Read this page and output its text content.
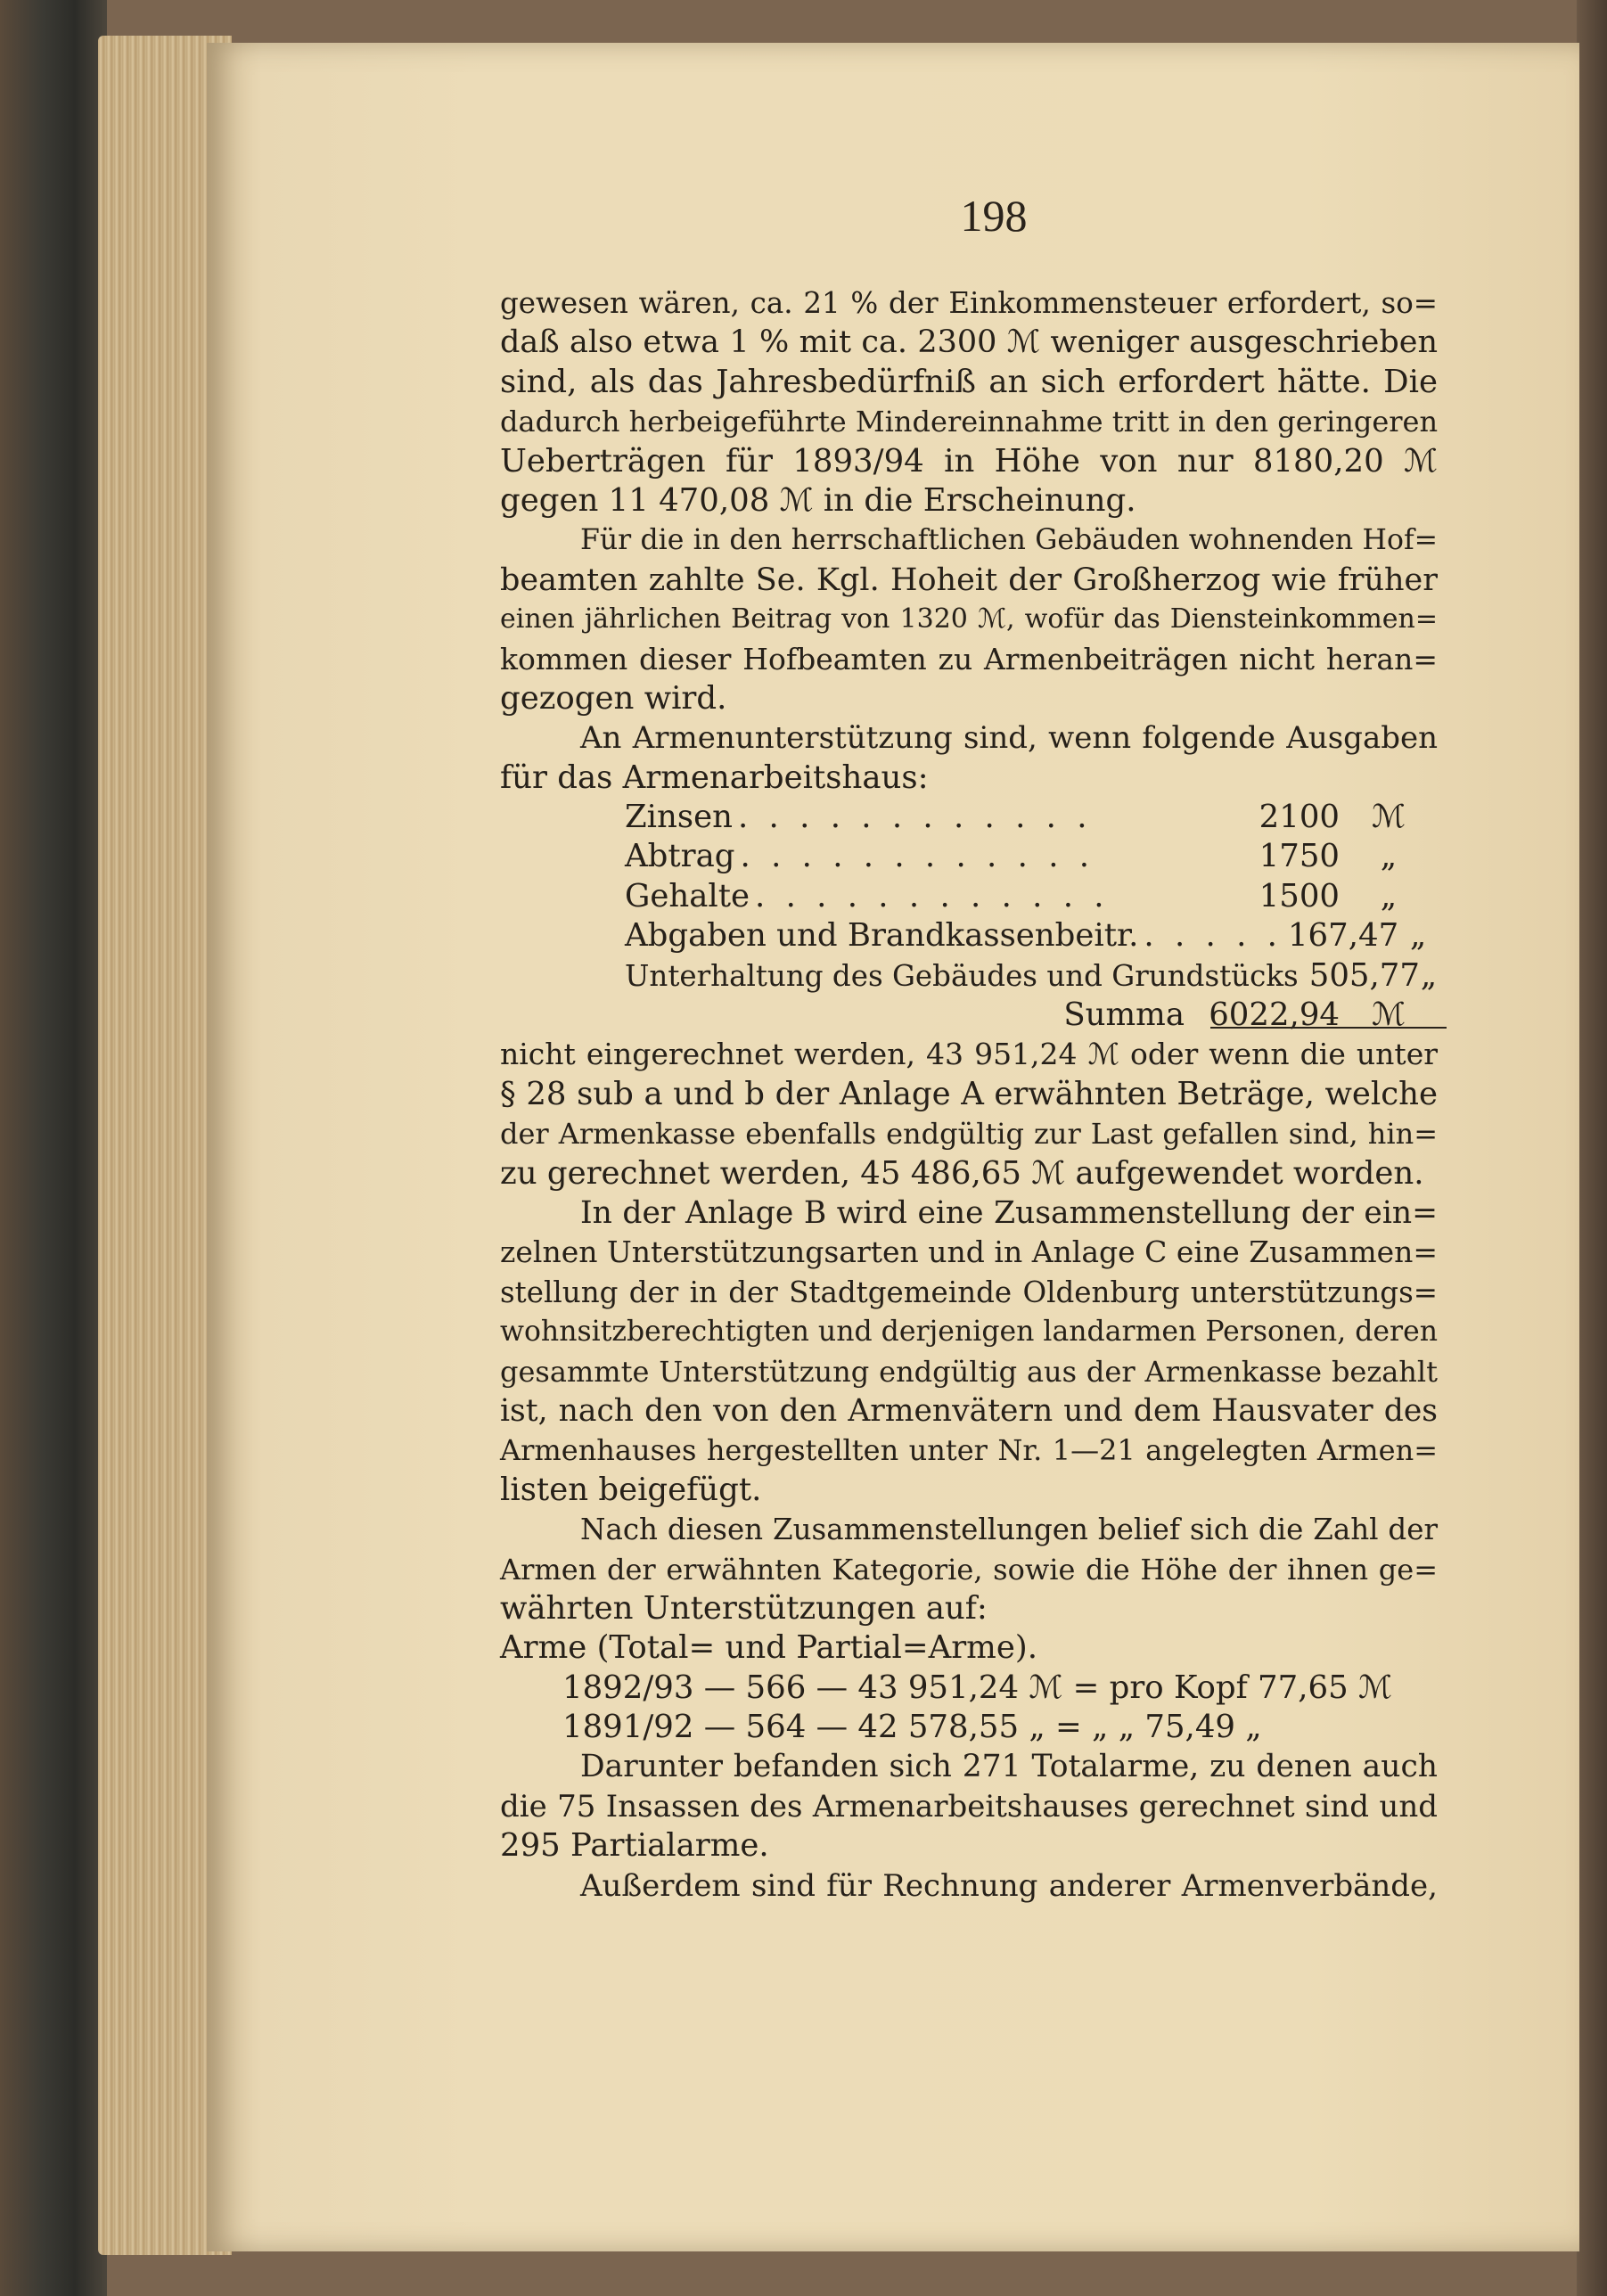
198
gewesen wären, ca. 21 % der Einkommensteuer erfordert, so=
daß also etwa 1 % mit ca. 2300 ℳ weniger ausgeschrieben
sind, als das Jahresbedürfniß an sich erfordert hätte. Die
dadurch herbeigeführte Mindereinnahme tritt in den geringeren
Ueberträgen für 1893/94 in Höhe von nur 8180,20 ℳ
gegen 11 470,08 ℳ in die Erscheinung.
Für die in den herrschaftlichen Gebäuden wohnenden Hof=
beamten zahlte Se. Kgl. Hoheit der Großherzog wie früher
einen jährlichen Beitrag von 1320 ℳ, wofür das Diensteinkommen=
kommen dieser Hofbeamten zu Armenbeiträgen nicht heran=
gezogen wird.
An Armenunterstützung sind, wenn folgende Ausgaben
für das Armenarbeitshaus:
Zinsen . . . . . . . . . . . .	2100	ℳ
Abtrag . . . . . . . . . . . .	1750	„
Gehalte . . . . . . . . . . . .	1500	„
Abgaben und Brandkassenbeitr. . . . . . 167,47 „
Unterhaltung des Gebäudes und Grundstücks 505,77 „
Summa 6022,94	ℳ
nicht eingerechnet werden, 43 951,24 ℳ oder wenn die unter
§ 28 sub a und b der Anlage A erwähnten Beträge, welche
der Armenkasse ebenfalls endgültig zur Last gefallen sind, hin=
zu gerechnet werden, 45 486,65 ℳ aufgewendet worden.
In der Anlage B wird eine Zusammenstellung der ein=
zelnen Unterstützungsarten und in Anlage C eine Zusammen=
stellung der in der Stadtgemeinde Oldenburg unterstützungs=
wohnsitzberechtigten und derjenigen landarmen Personen, deren
gesammte Unterstützung endgültig aus der Armenkasse bezahlt
ist, nach den von den Armenvätern und dem Hausvater des
Armenhauses hergestellten unter Nr. 1—21 angelegten Armen=
listen beigefügt.
Nach diesen Zusammenstellungen belief sich die Zahl der
Armen der erwähnten Kategorie, sowie die Höhe der ihnen ge=
währten Unterstützungen auf:
Arme (Total= und Partial=Arme).
1892/93 — 566 — 43 951,24 ℳ = pro Kopf 77,65 ℳ
1891/92 — 564 — 42 578,55 „ = „ „ 75,49 „
Darunter befanden sich 271 Totalarme, zu denen auch
die 75 Insassen des Armenarbeitshauses gerechnet sind und
295 Partialarme.
Außerdem sind für Rechnung anderer Armenverbände,
